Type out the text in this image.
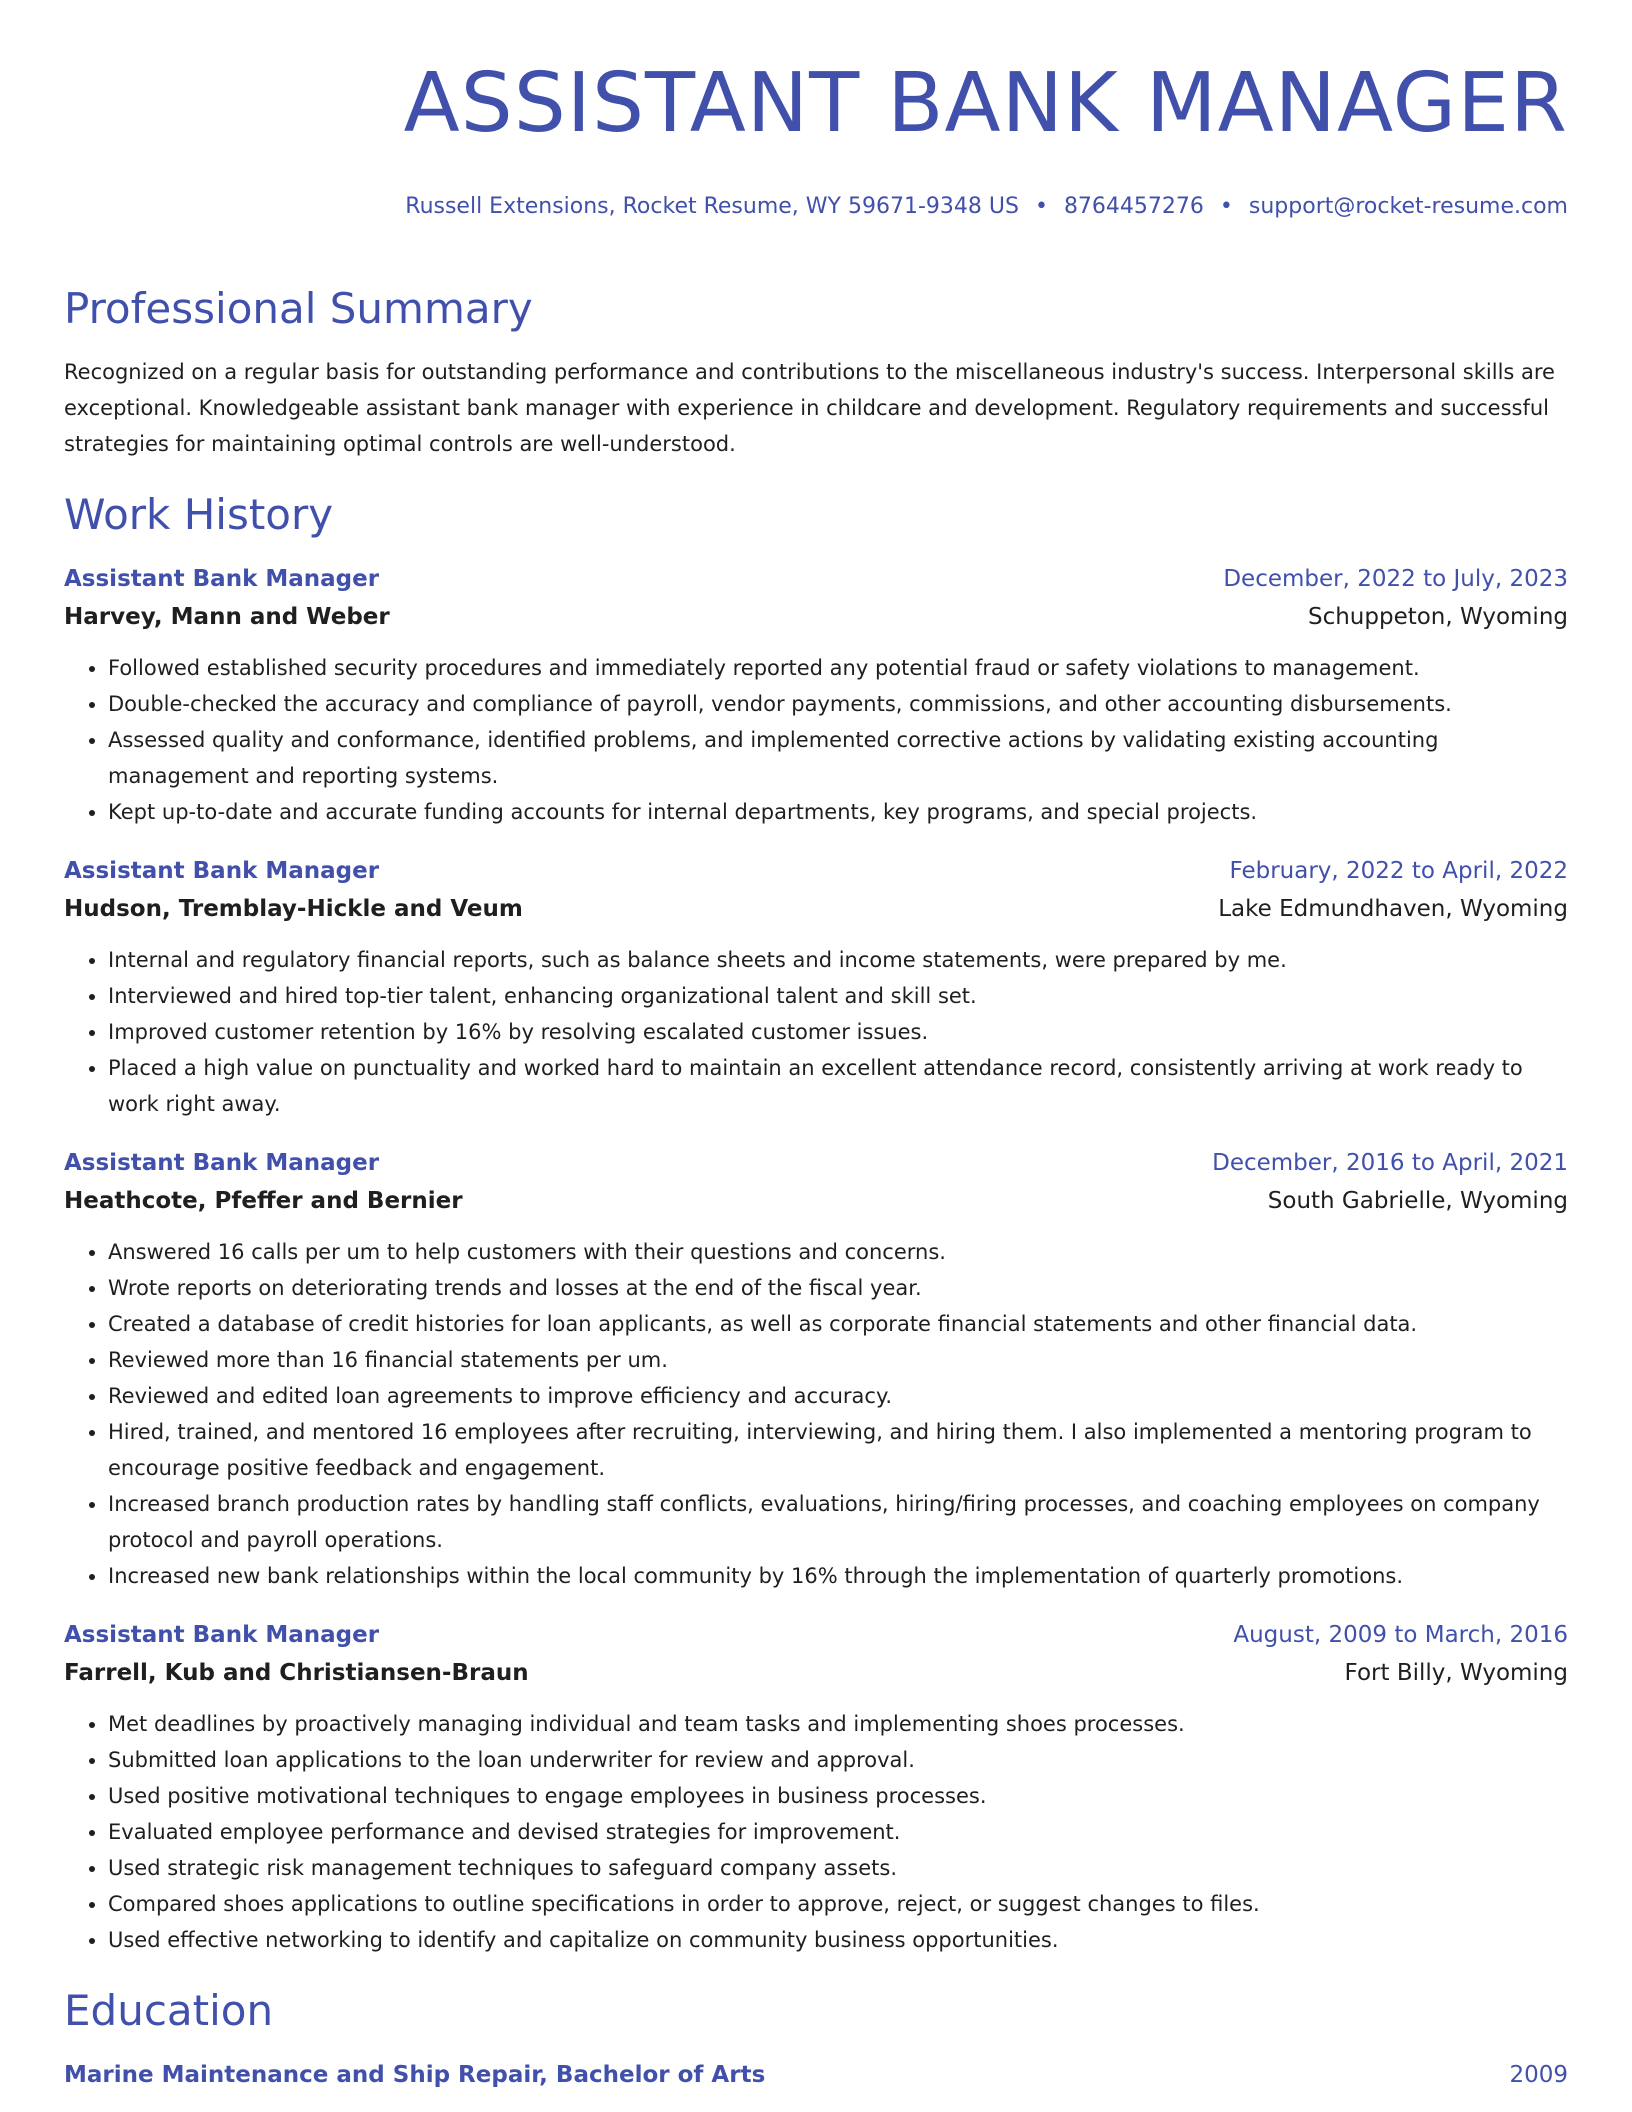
ASSISTANT BANK MANAGER
Russell Extensions, Rocket Resume, WY 59671-9348 US • 8764457276 • support@rocket-resume.com
Professional Summary

Recognized on a regular basis for outstanding performance and contributions to the miscellaneous industry's success. Interpersonal skills are exceptional. Knowledgeable assistant bank manager with experience in childcare and development. Regulatory requirements and successful strategies for maintaining optimal controls are well-understood.

Work History
Assistant Bank Manager	December, 2022 to July, 2023
Harvey, Mann and Weber	Schuppeton, Wyoming
• Followed established security procedures and immediately reported any potential fraud or safety violations to management.
• Double-checked the accuracy and compliance of payroll, vendor payments, commissions, and other accounting disbursements.
• Assessed quality and conformance, identified problems, and implemented corrective actions by validating existing accounting management and reporting systems.
• Kept up-to-date and accurate funding accounts for internal departments, key programs, and special projects.
Assistant Bank Manager	February, 2022 to April, 2022
Hudson, Tremblay-Hickle and Veum	Lake Edmundhaven, Wyoming
• Internal and regulatory financial reports, such as balance sheets and income statements, were prepared by me.
• Interviewed and hired top-tier talent, enhancing organizational talent and skill set.
• Improved customer retention by 16% by resolving escalated customer issues.
• Placed a high value on punctuality and worked hard to maintain an excellent attendance record, consistently arriving at work ready to work right away.
Assistant Bank Manager	December, 2016 to April, 2021
Heathcote, Pfeffer and Bernier	South Gabrielle, Wyoming
• Answered 16 calls per um to help customers with their questions and concerns.
• Wrote reports on deteriorating trends and losses at the end of the fiscal year.
• Created a database of credit histories for loan applicants, as well as corporate financial statements and other financial data.
• Reviewed more than 16 financial statements per um.
• Reviewed and edited loan agreements to improve efficiency and accuracy.
• Hired, trained, and mentored 16 employees after recruiting, interviewing, and hiring them. I also implemented a mentoring program to encourage positive feedback and engagement.
• Increased branch production rates by handling staff conflicts, evaluations, hiring/firing processes, and coaching employees on company protocol and payroll operations.
• Increased new bank relationships within the local community by 16% through the implementation of quarterly promotions.
Assistant Bank Manager	August, 2009 to March, 2016
Farrell, Kub and Christiansen-Braun	Fort Billy, Wyoming
• Met deadlines by proactively managing individual and team tasks and implementing shoes processes.
• Submitted loan applications to the loan underwriter for review and approval.
• Used positive motivational techniques to engage employees in business processes.
• Evaluated employee performance and devised strategies for improvement.
• Used strategic risk management techniques to safeguard company assets.
• Compared shoes applications to outline specifications in order to approve, reject, or suggest changes to files.
• Used effective networking to identify and capitalize on community business opportunities.
Education
Marine Maintenance and Ship Repair, Bachelor of Arts	2009
